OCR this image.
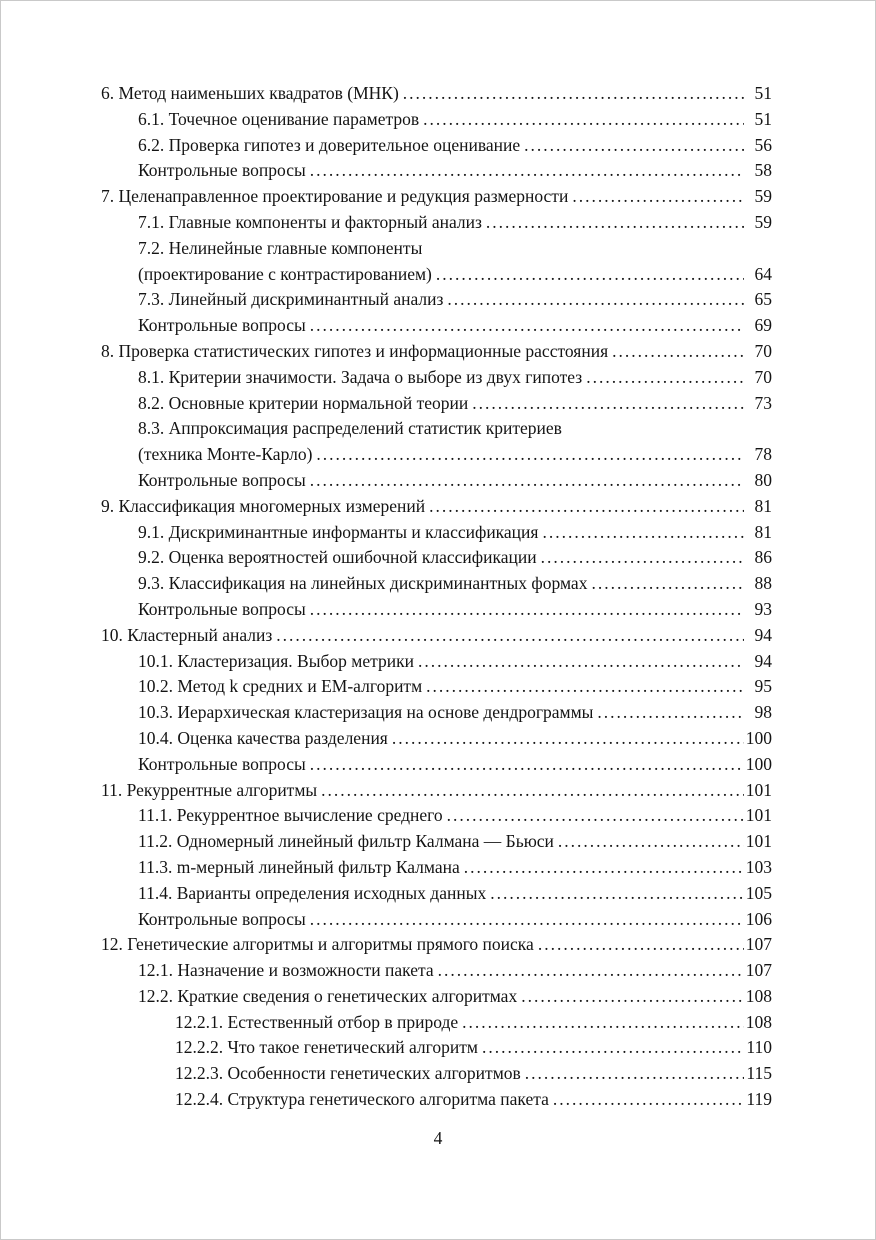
6. Метод наименьших квадратов (МНК) .....	51
6.1. Точечное оценивание параметров .....	51
6.2. Проверка гипотез и доверительное оценивание .....	56
Контрольные вопросы .....	58
7. Целенаправленное проектирование и редукция размерности .....	59
7.1. Главные компоненты и факторный анализ .....	59
7.2. Нелинейные главные компоненты
(проектирование с контрастированием) .....	64
7.3. Линейный дискриминантный анализ .....	65
Контрольные вопросы .....	69
8. Проверка статистических гипотез и информационные расстояния .....	70
8.1. Критерии значимости. Задача о выборе из двух гипотез .....	70
8.2. Основные критерии нормальной теории .....	73
8.3. Аппроксимация распределений статистик критериев
(техника Монте-Карло) .....	78
Контрольные вопросы .....	80
9. Классификация многомерных измерений .....	81
9.1. Дискриминантные информанты и классификация .....	81
9.2. Оценка вероятностей ошибочной классификации .....	86
9.3. Классификация на линейных дискриминантных формах .....	88
Контрольные вопросы .....	93
10. Кластерный анализ .....	94
10.1. Кластеризация. Выбор метрики .....	94
10.2. Метод k средних и EM-алгоритм .....	95
10.3. Иерархическая кластеризация на основе дендрограммы .....	98
10.4. Оценка качества разделения .....	100
Контрольные вопросы .....	100
11. Рекуррентные алгоритмы .....	101
11.1. Рекуррентное вычисление среднего .....	101
11.2. Одномерный линейный фильтр Калмана — Бьюси .....	101
11.3. m-мерный линейный фильтр Калмана .....	103
11.4. Варианты определения исходных данных .....	105
Контрольные вопросы .....	106
12. Генетические алгоритмы и алгоритмы прямого поиска .....	107
12.1. Назначение и возможности пакета .....	107
12.2. Краткие сведения о генетических алгоритмах .....	108
12.2.1. Естественный отбор в природе .....	108
12.2.2. Что такое генетический алгоритм .....	110
12.2.3. Особенности генетических алгоритмов .....	115
12.2.4. Структура генетического алгоритма пакета .....	119
4
